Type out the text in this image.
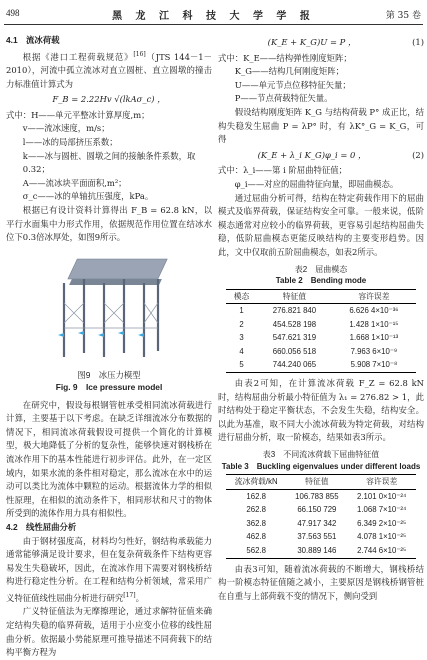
498	黑 龙 江 科 技 大 学 学 报	第 35 卷
4.1　流冰荷载

根据《港口工程荷载规范》[16]（JTS 144－1－2010），河流中孤立流冰对直立圆桩、直立圆墩的撞击力标准值计算式为

F_B = 2.22Hv √(lkAσ_c) ，
式中：H——单元平整冰计算厚度,m；
v——流冰速度，m/s；
l——冰的局部挤压系数；
k——冰与圆桩、圆墩之间的接触条件系数，取 0.32；
A——流冰块平面面积,m²；
σ_c——冰的单轴抗压强度，kPa。

根据已有设计资料计算得出 F_B = 62.8 kN，以平行水面集中力形式作用，依据规范作用位置在结冰水位下0.3倍冰厚处，如图9所示。

图9　冰压力模型
Fig. 9　Ice pressure model

在研究中，假设每根钢管桩承受相同流冰荷载进行计算，主要基于以下考虑。在缺乏详细流冰分布数据的情况下，相同流冰荷载假设可提供一个简化的计算模型，极大地降低了分析的复杂性，能够快速对钢栈桥在流冰作用下的基本性能进行初步评估。此外，在一定区域内，如果水流的条件相对稳定，那么流冰在水中的运动可以类比为流体中颗粒的运动。根据流体力学的相似性原理，在相似的流动条件下，相同形状和尺寸的物体所受到的流体作用力具有相似性。

4.2　线性屈曲分析

由于钢材强度高，材料均匀性好，钢结构承载能力通常能够满足设计要求，但在复杂荷载条件下结构更容易发生失稳破坏，因此，在流冰作用下需要对钢栈桥结构进行稳定性分析。在工程和结构分析领域，常采用广义特征值线性屈曲分析进行研究[17]。

广义特征值法为无摩擦理论，通过求解特征值来确定结构失稳的临界荷载，适用于小应变小位移的线性屈曲分析。依据最小势能原理可推导描述不同荷载下的结构平衡方程为

(K_E + K_G)U = P ，	(1)
式中：K_E——结构弹性刚度矩阵；
K_G——结构几何刚度矩阵；
U——单元节点位移特征矢量；
P——节点荷载特征矢量。

假设结构刚度矩阵 K_G 与结构荷载 P° 成正比，结构失稳发生屈曲 P = λP° 时，有 λK°_G = K_G，可得

(K_E + λ_i K_G)φ_i = 0 ，	(2)
式中：λ_i——第 i 阶屈曲特征值；
φ_i——对应的屈曲特征向量，即屈曲模态。

通过屈曲分析可得，结构在特定荷载作用下的屈曲模式及临界荷载，保证结构安全可靠。一般来说，低阶模态通常对应较小的临界荷载，更容易引起结构屈曲失稳，低阶屈曲模态更能反映结构的主要变形趋势。因此，文中仅取前五阶屈曲模态，如表2所示。

表2　屈曲模态
Table 2　Bending mode
模态	特征值	容许误差
1	276.821 840	6.626 4×10⁻³⁶
2	454.528 198	1.428 1×10⁻¹⁵
3	547.621 319	1.668 1×10⁻¹³
4	660.056 518	7.963 6×10⁻⁹
5	744.240 065	5.908 7×10⁻⁸

由表2可知，在计算流冰荷载 F_Z = 62.8 kN 时，结构屈曲分析最小特征值为 λ₁ = 276.82 > 1，此时结构处于稳定平衡状态，不会发生失稳，结构安全。以此为基准，取不同大小流冰荷载为特定荷载，对结构进行屈曲分析，取一阶模态，结果如表3所示。

表3　不同流冰荷载下屈曲特征值
Table 3　Buckling eigenvalues under different loads
流冰荷载/kN	特征值	容许误差
162.8	106.783 855	2.101 0×10⁻²⁴
262.8	66.150 729	1.068 7×10⁻²⁴
362.8	47.917 342	6.349 2×10⁻²⁵
462.8	37.563 551	4.078 1×10⁻²⁵
562.8	30.889 146	2.744 6×10⁻²⁵

由表3可知，随着流冰荷载的不断增大，钢栈桥结构一阶模态特征值随之减小，主要原因是钢栈桥钢管桩在自重与上部荷载不变的情况下，侧向受到
